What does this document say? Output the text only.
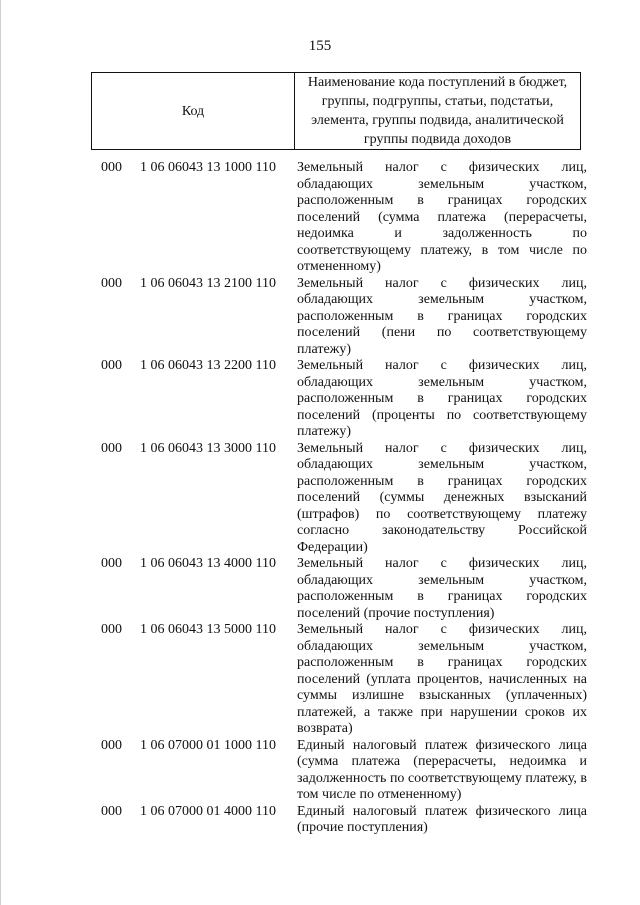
155
Код	Наименование кода поступлений в бюджет, группы, подгруппы, статьи, подстатьи, элемента, группы подвида, аналитической группы подвида доходов
000 1 06 06043 13 1000 110 Земельный налог с физических лиц, обладающих земельным участком, расположенным в границах городских поселений (сумма платежа (перерасчеты, недоимка и задолженность по соответствующему платежу, в том числе по отмененному)
000 1 06 06043 13 2100 110 Земельный налог с физических лиц, обладающих земельным участком, расположенным в границах городских поселений (пени по соответствующему платежу)
000 1 06 06043 13 2200 110 Земельный налог с физических лиц, обладающих земельным участком, расположенным в границах городских поселений (проценты по соответствующему платежу)
000 1 06 06043 13 3000 110 Земельный налог с физических лиц, обладающих земельным участком, расположенным в границах городских поселений (суммы денежных взысканий (штрафов) по соответствующему платежу согласно законодательству Российской Федерации)
000 1 06 06043 13 4000 110 Земельный налог с физических лиц, обладающих земельным участком, расположенным в границах городских поселений (прочие поступления)
000 1 06 06043 13 5000 110 Земельный налог с физических лиц, обладающих земельным участком, расположенным в границах городских поселений (уплата процентов, начисленных на суммы излишне взысканных (уплаченных) платежей, а также при нарушении сроков их возврата)
000 1 06 07000 01 1000 110 Единый налоговый платеж физического лица (сумма платежа (перерасчеты, недоимка и задолженность по соответствующему платежу, в том числе по отмененному)
000 1 06 07000 01 4000 110 Единый налоговый платеж физического лица (прочие поступления)
